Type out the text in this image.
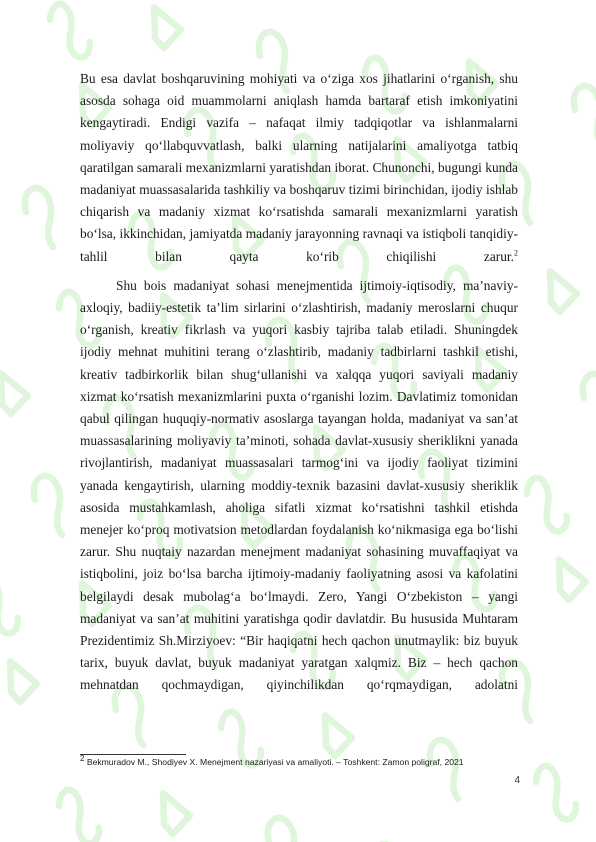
Bu esa davlat boshqaruvining mohiyati va o‘ziga xos jihatlarini o‘rganish, shu asosda sohaga oid muammolarni aniqlash hamda bartaraf etish imkoniyatini kengaytiradi. Endigi vazifa – nafaqat ilmiy tadqiqotlar va ishlanmalarni moliyaviy qo‘llabquvvatlash, balki ularning natijalarini amaliyotga tatbiq qaratilgan samarali mexanizmlarni yaratishdan iborat. Chunonchi, bugungi kunda madaniyat muassasalarida tashkiliy va boshqaruv tizimi birinchidan, ijodiy ishlab chiqarish va madaniy xizmat ko‘rsatishda samarali mexanizmlarni yaratish bo‘lsa, ikkinchidan, jamiyatda madaniy jarayonning ravnaqi va istiqboli tanqidiy-tahlil bilan qayta ko‘rib chiqilishi zarur.$^2$

Shu bois madaniyat sohasi menejmentida ijtimoiy-iqtisodiy, ma’naviy-axloqiy, badiiy-estetik ta’lim sirlarini o‘zlashtirish, madaniy meroslarni chuqur o‘rganish, kreativ fikrlash va yuqori kasbiy tajriba talab etiladi. Shuningdek ijodiy mehnat muhitini terang o‘zlashtirib, madaniy tadbirlarni tashkil etishi, kreativ tadbirkorlik bilan shug‘ullanishi va xalqqa yuqori saviyali madaniy xizmat ko‘rsatish mexanizmlarini puxta o‘rganishi lozim. Davlatimiz tomonidan qabul qilingan huquqiy-normativ asoslarga tayangan holda, madaniyat va san’at muassasalarining moliyaviy ta’minoti, sohada davlat-xususiy sheriklikni yanada rivojlantirish, madaniyat muassasalari tarmog‘ini va ijodiy faoliyat tizimini yanada kengaytirish, ularning moddiy-texnik bazasini davlat-xususiy sheriklik asosida mustahkamlash, aholiga sifatli xizmat ko‘rsatishni tashkil etishda menejer ko‘proq motivatsion metodlardan foydalanish ko‘nikmasiga ega bo‘lishi zarur. Shu nuqtaiy nazardan menejment madaniyat sohasining muvaffaqiyat va istiqbolini, joiz bo‘lsa barcha ijtimoiy-madaniy faoliyatning asosi va kafolatini belgilaydi desak mubolag‘a bo‘lmaydi. Zero, Yangi O‘zbekiston – yangi madaniyat va san’at muhitini yaratishga qodir davlatdir. Bu hususida Muhtaram Prezidentimiz Sh.Mirziyoev: “Bir haqiqatni hech qachon unutmaylik: biz buyuk tarix, buyuk davlat, buyuk madaniyat yaratgan xalqmiz. Biz – hech qachon mehnatdan qochmaydigan, qiyinchilikdan qo‘rqmaydigan, adolatni

$^2$ Bekmuradov M., Shodiyev X. Menejment nazariyasi va amaliyoti. – Toshkent: Zamon poligraf, 2021
4
